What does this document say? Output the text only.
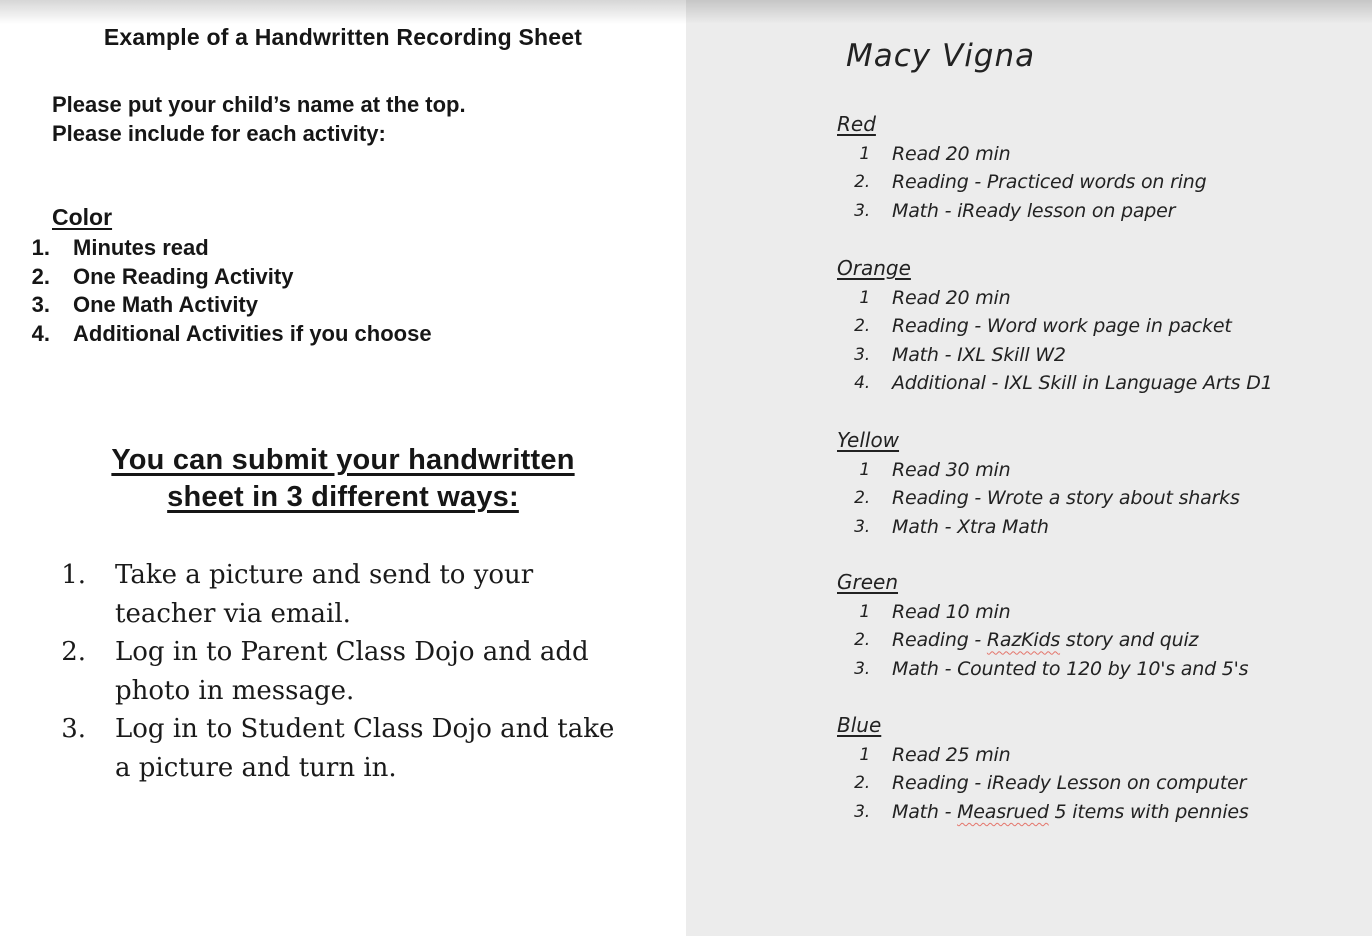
Example of a Handwritten Recording Sheet
Please put your child’s name at the top.
Please include for each activity:
Color
1.	Minutes read
2.	One Reading Activity
3.	One Math Activity
4.	Additional Activities if you choose
You can submit your handwritten
sheet in 3 different ways:
1. Take a picture and send to your
teacher via email.
2. Log in to Parent Class Dojo and add
photo in message.
3. Log in to Student Class Dojo and take
a picture and turn in.
Macy Vigna
Red
1	Read 20 min
2.	Reading - Practiced words on ring
3.	Math - iReady lesson on paper
Orange
1	Read 20 min
2.	Reading - Word work page in packet
3.	Math - IXL Skill W2
4.	Additional - IXL Skill in Language Arts D1
Yellow
1	Read 30 min
2.	Reading - Wrote a story about sharks
3.	Math - Xtra Math
Green
1	Read 10 min
2.	Reading - RazKids story and quiz
3.	Math - Counted to 120 by 10's and 5's
Blue
1	Read 25 min
2.	Reading - iReady Lesson on computer
3.	Math - Measrued 5 items with pennies
